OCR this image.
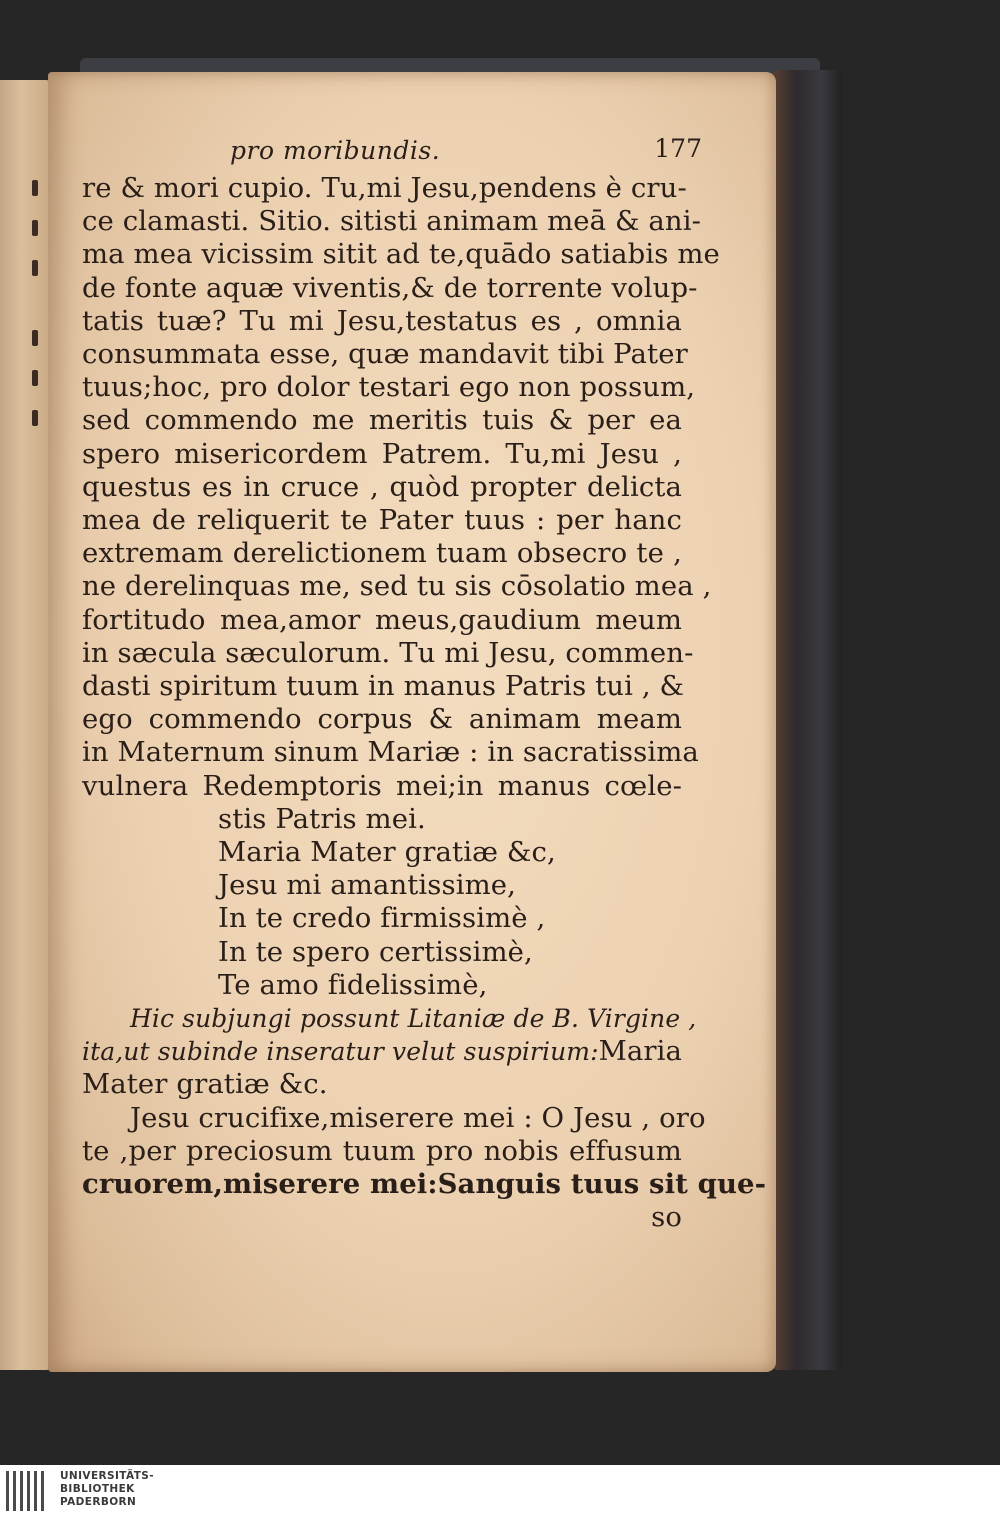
pro moribundis.	177
re & mori cupio. Tu,mi Jesu,pendens è cru-
ce clamasti. Sitio. sitisti animam meā & ani-
ma mea vicissim sitit ad te,quādo satiabis me
de fonte aquæ viventis,& de torrente volup-
tatis tuæ? Tu mi Jesu,testatus es , omnia
consummata esse, quæ mandavit tibi Pater
tuus;hoc, pro dolor testari ego non possum,
sed commendo me meritis tuis & per ea
spero misericordem Patrem. Tu,mi Jesu ,
questus es in cruce , quòd propter delicta
mea de reliquerit te Pater tuus : per hanc
extremam derelictionem tuam obsecro te ,
ne derelinquas me, sed tu sis cōsolatio mea ,
fortitudo mea,amor meus,gaudium meum
in sæcula sæculorum. Tu mi Jesu, commen-
dasti spiritum tuum in manus Patris tui , &
ego commendo corpus & animam meam
in Maternum sinum Mariæ : in sacratissima
vulnera Redemptoris mei;in manus cœle-
stis Patris mei.
Maria Mater gratiæ &c,
Jesu mi amantissime,
In te credo firmissimè ,
In te spero certissimè,
Te amo fidelissimè,
Hic subjungi possunt Litaniæ de B. Virgine ,
ita,ut subinde inseratur velut suspirium:Maria
Mater gratiæ &c.
Jesu crucifixe,miserere mei : O Jesu , oro
te ,per preciosum tuum pro nobis effusum
cruorem,miserere mei:Sanguis tuus sit que-
so
UNIVERSITÄTS-
BIBLIOTHEK
PADERBORN
